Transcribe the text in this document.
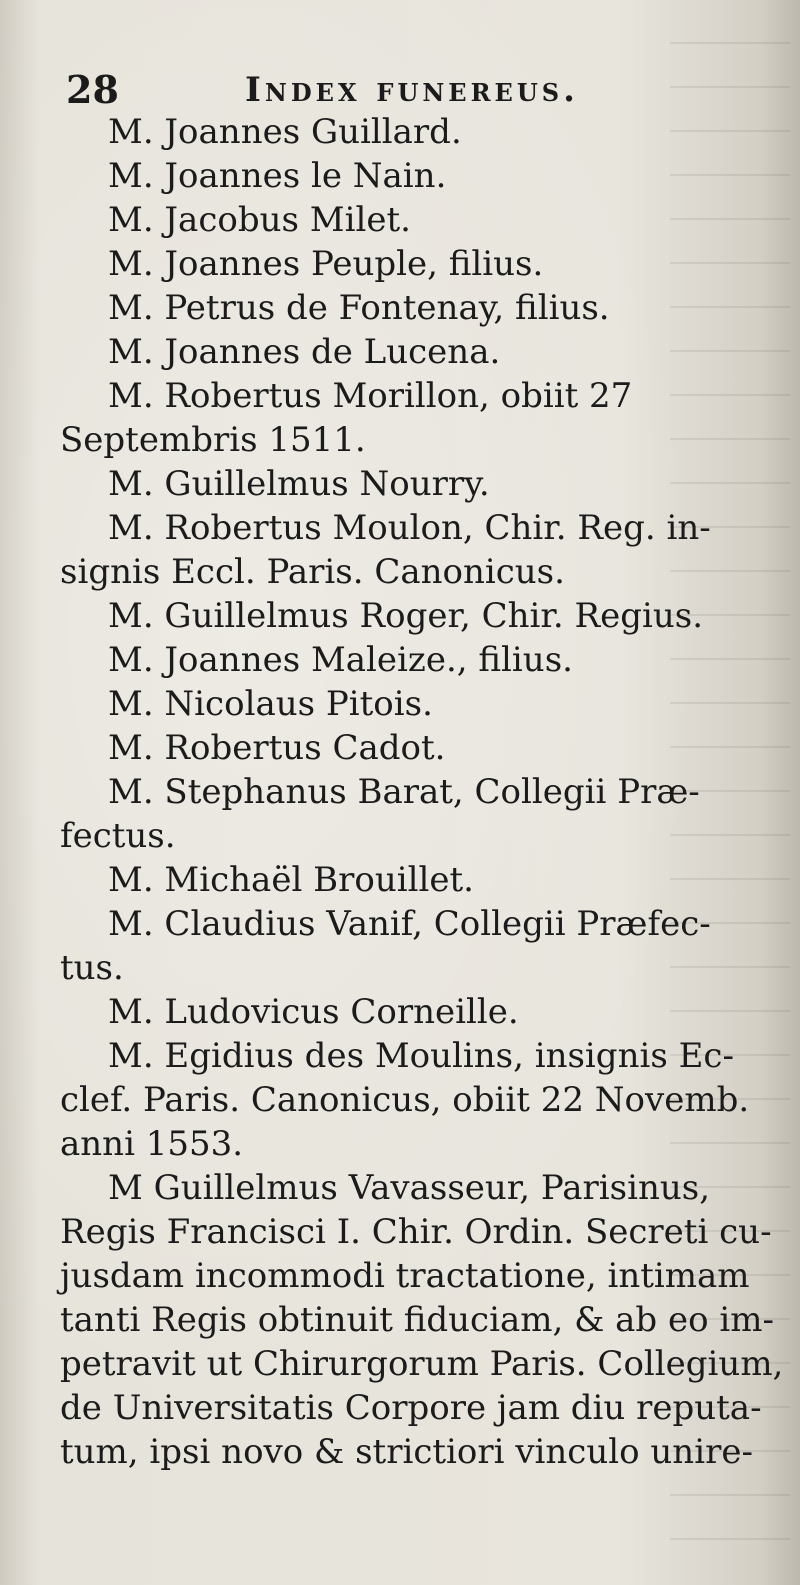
28	Index funereus.
M. Joannes Guillard.
M. Joannes le Nain.
M. Jacobus Milet.
M. Joannes Peuple, filius.
M. Petrus de Fontenay, filius.
M. Joannes de Lucena.
M. Robertus Morillon, obiit 27
Septembris 1511.
M. Guillelmus Nourry.
M. Robertus Moulon, Chir. Reg. in-
signis Eccl. Paris. Canonicus.
M. Guillelmus Roger, Chir. Regius.
M. Joannes Maleize., filius.
M. Nicolaus Pitois.
M. Robertus Cadot.
M. Stephanus Barat, Collegii Præ-
fectus.
M. Michaël Brouillet.
M. Claudius Vanif, Collegii Præfec-
tus.
M. Ludovicus Corneille.
M. Egidius des Moulins, insignis Ec-
clef. Paris. Canonicus, obiit 22 Novemb.
anni 1553.
M Guillelmus Vavasseur, Parisinus,
Regis Francisci I. Chir. Ordin. Secreti cu-
jusdam incommodi tractatione, intimam
tanti Regis obtinuit fiduciam, & ab eo im-
petravit ut Chirurgorum Paris. Collegium,
de Universitatis Corpore jam diu reputa-
tum, ipsi novo & strictiori vinculo unire-
